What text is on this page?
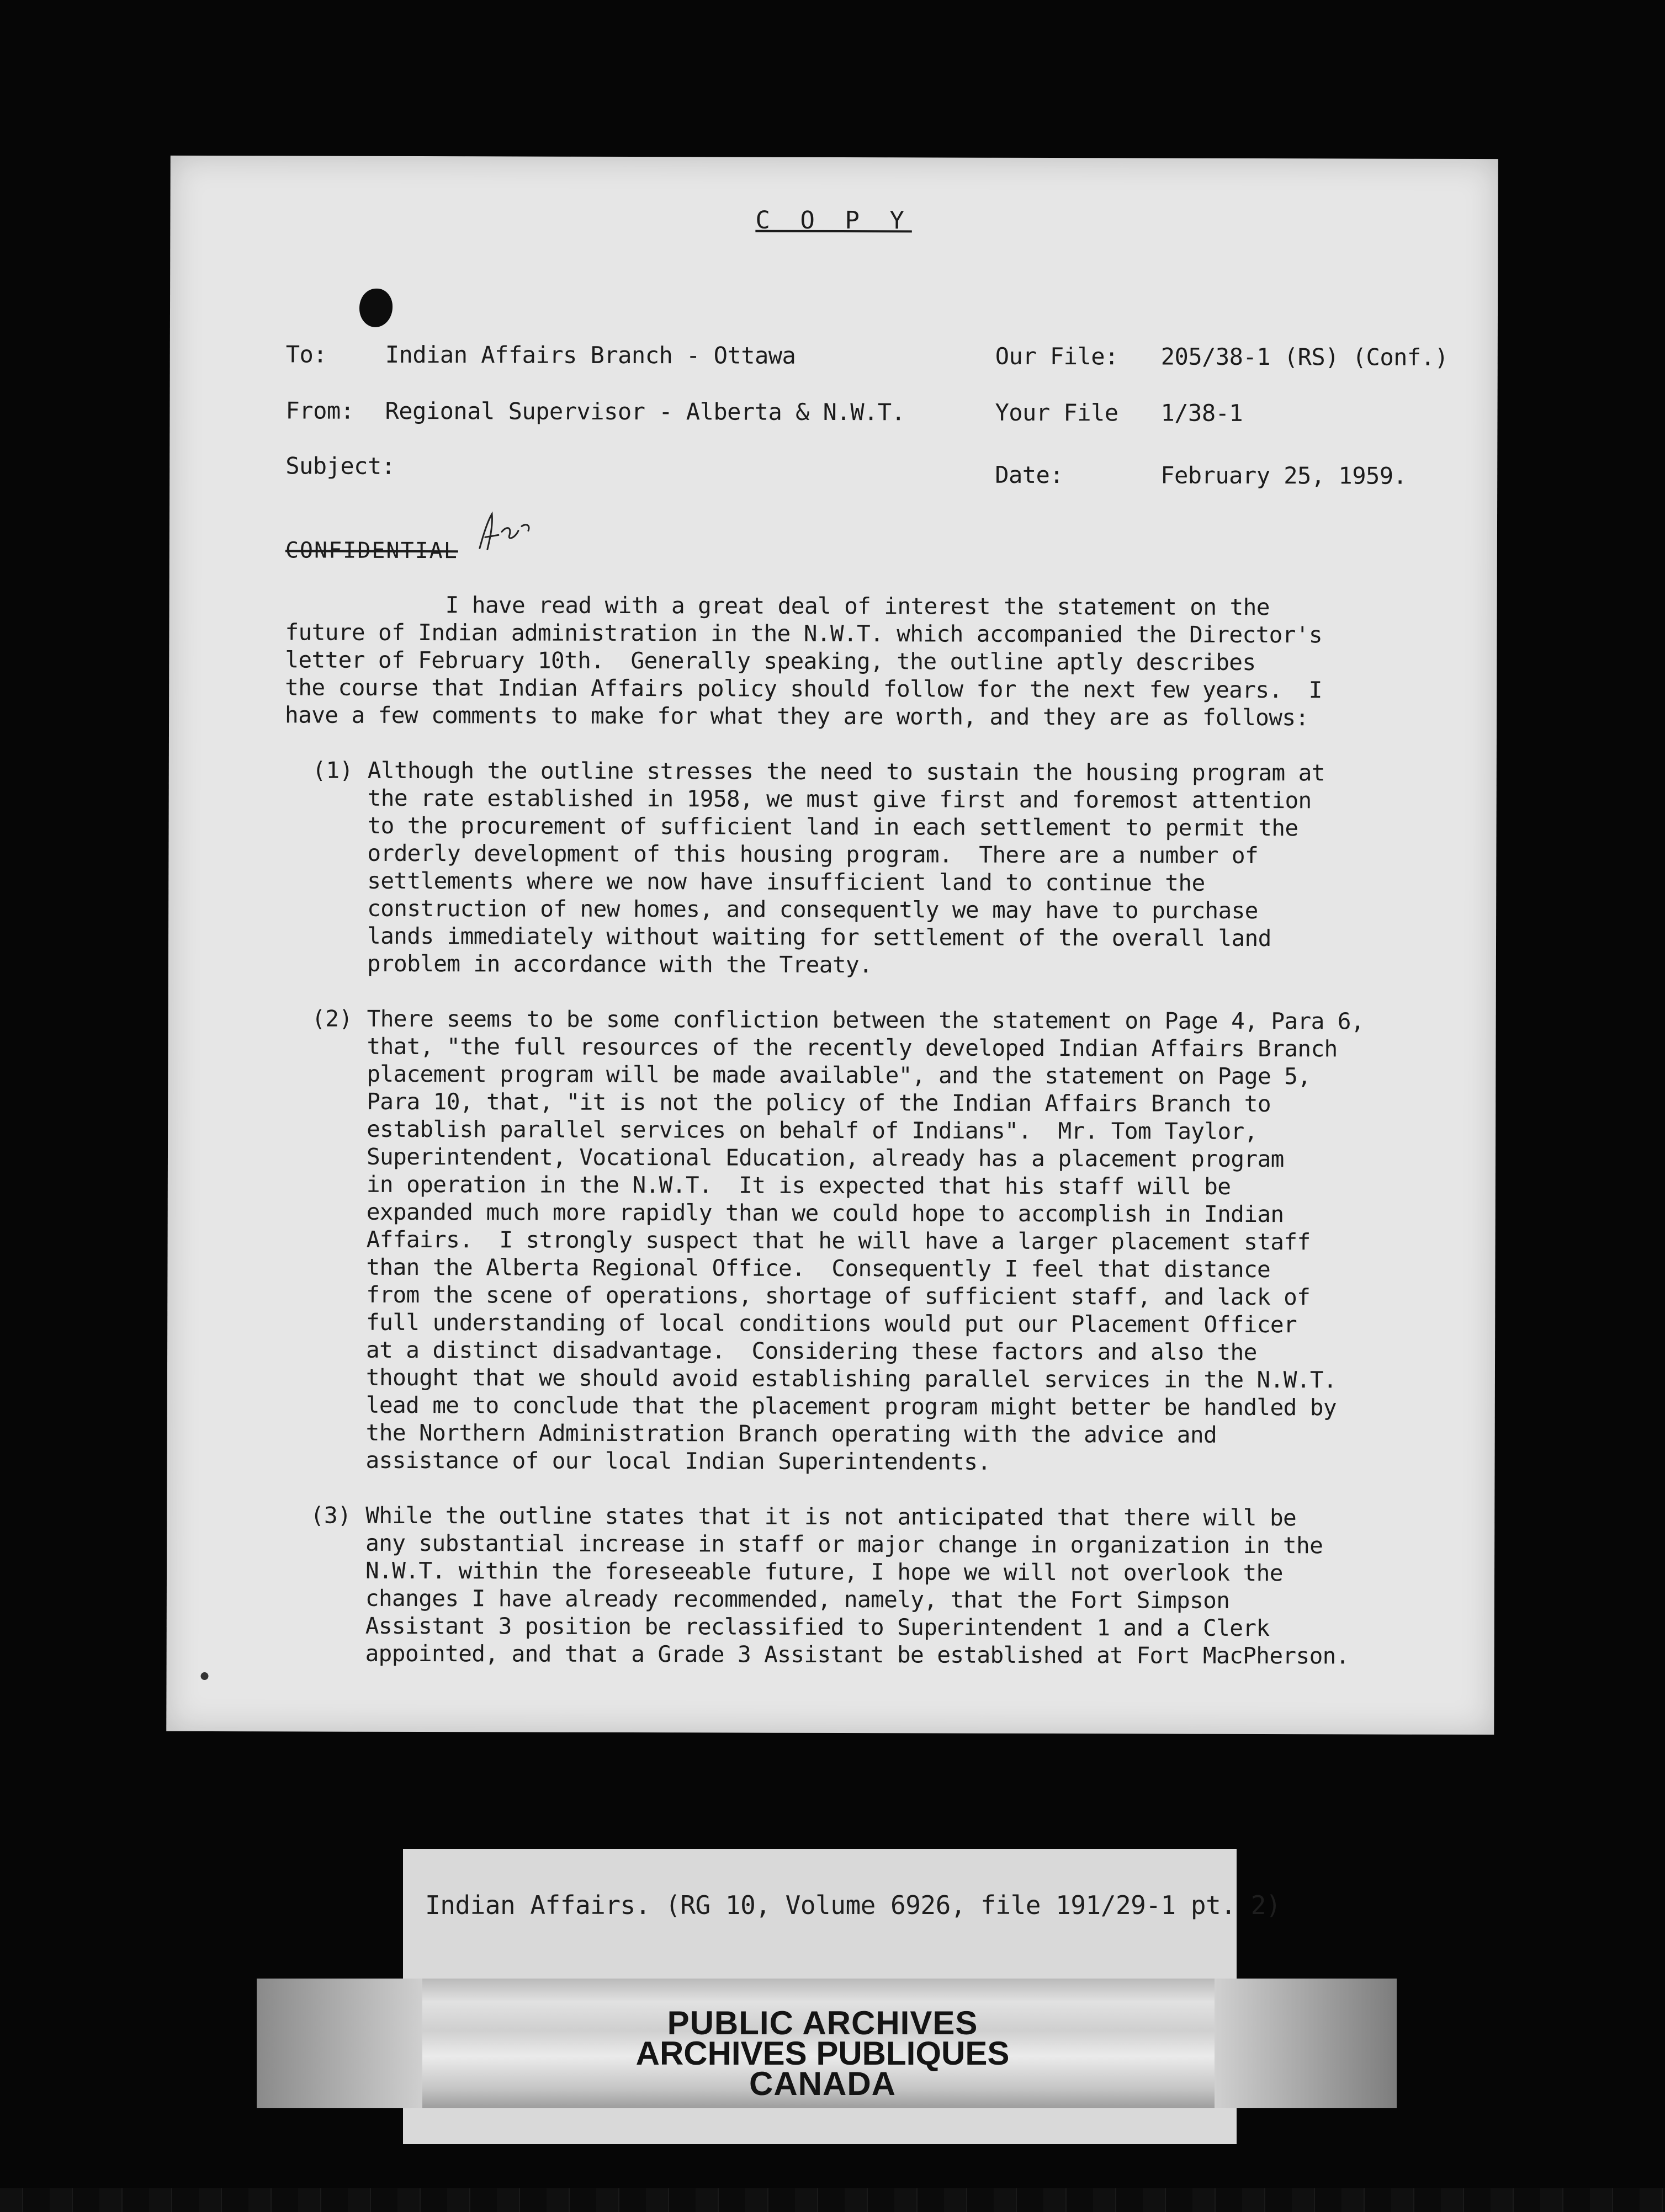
C O P Y
To:	Indian Affairs Branch - Ottawa	Our File: 205/38-1 (RS) (Conf.)
From: Regional Supervisor - Alberta & N.W.T.	Your File 1/38-1
Subject:	Date:	February 25, 1959.
CONFIDENTIAL
I have read with a great deal of interest the statement on the
future of Indian administration in the N.W.T. which accompanied the Director's
letter of February 10th.  Generally speaking, the outline aptly describes
the course that Indian Affairs policy should follow for the next few years.  I
have a few comments to make for what they are worth, and they are as follows:
(1) Although the outline stresses the need to sustain the housing program at
the rate established in 1958, we must give first and foremost attention
to the procurement of sufficient land in each settlement to permit the
orderly development of this housing program.  There are a number of
settlements where we now have insufficient land to continue the
construction of new homes, and consequently we may have to purchase
lands immediately without waiting for settlement of the overall land
problem in accordance with the Treaty.
(2) There seems to be some confliction between the statement on Page 4, Para 6,
that, "the full resources of the recently developed Indian Affairs Branch
placement program will be made available", and the statement on Page 5,
Para 10, that, "it is not the policy of the Indian Affairs Branch to
establish parallel services on behalf of Indians".  Mr. Tom Taylor,
Superintendent, Vocational Education, already has a placement program
in operation in the N.W.T.  It is expected that his staff will be
expanded much more rapidly than we could hope to accomplish in Indian
Affairs.  I strongly suspect that he will have a larger placement staff
than the Alberta Regional Office.  Consequently I feel that distance
from the scene of operations, shortage of sufficient staff, and lack of
full understanding of local conditions would put our Placement Officer
at a distinct disadvantage.  Considering these factors and also the
thought that we should avoid establishing parallel services in the N.W.T.
lead me to conclude that the placement program might better be handled by
the Northern Administration Branch operating with the advice and
assistance of our local Indian Superintendents.
(3) While the outline states that it is not anticipated that there will be
any substantial increase in staff or major change in organization in the
N.W.T. within the foreseeable future, I hope we will not overlook the
changes I have already recommended, namely, that the Fort Simpson
Assistant 3 position be reclassified to Superintendent 1 and a Clerk
appointed, and that a Grade 3 Assistant be established at Fort MacPherson.
Indian Affairs. (RG 10, Volume 6926, file 191/29-1 pt. 2)
PUBLIC ARCHIVES
ARCHIVES PUBLIQUES
CANADA
